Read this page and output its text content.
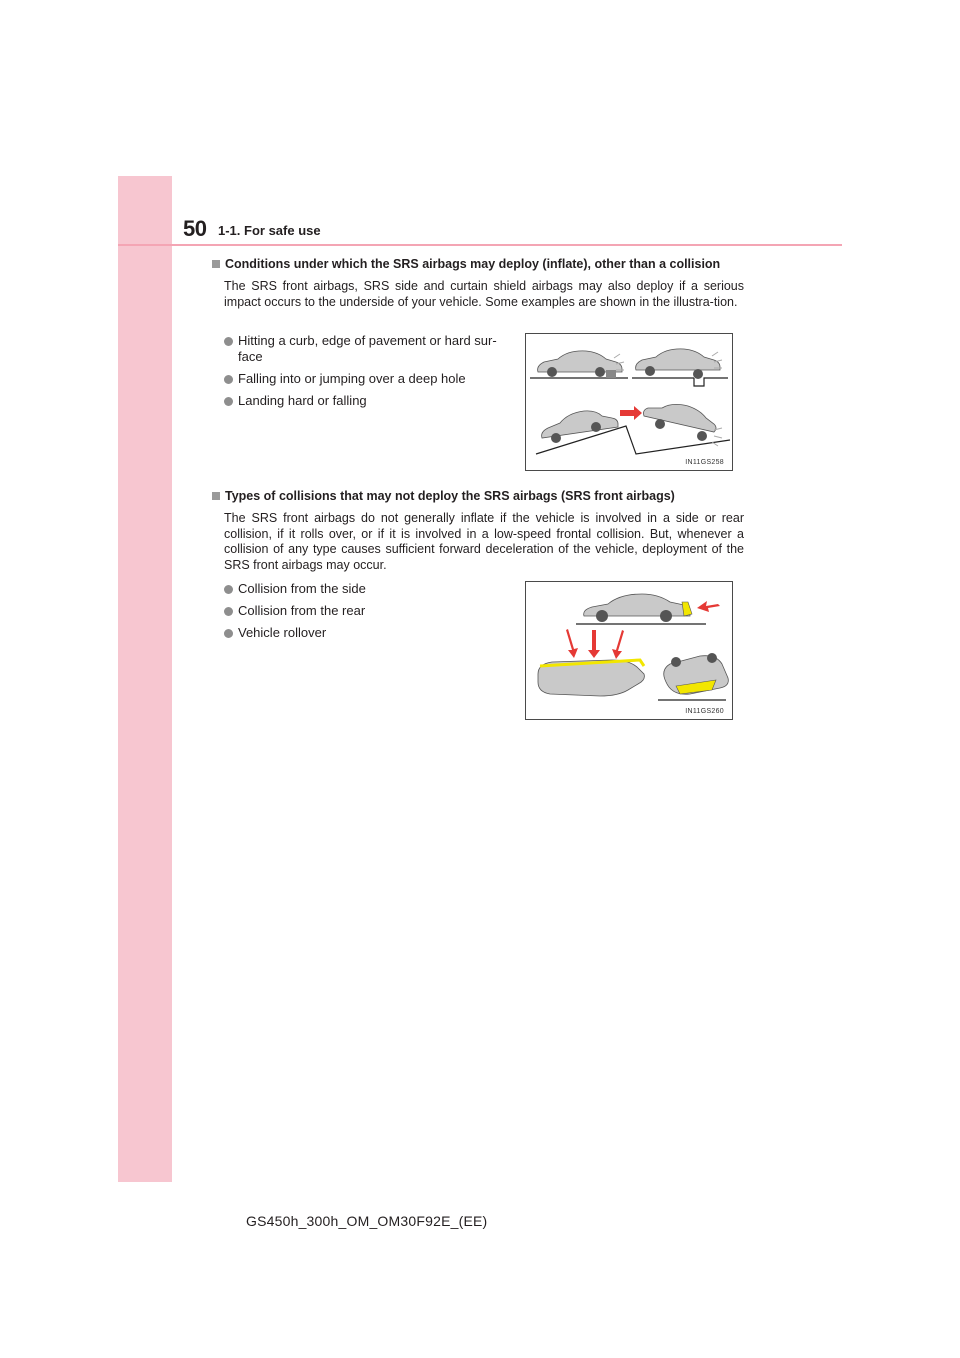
50 1-1. For safe use
Conditions under which the SRS airbags may deploy (inflate), other than a collision
The SRS front airbags, SRS side and curtain shield airbags may also deploy if a serious impact occurs to the underside of your vehicle. Some examples are shown in the illustra-tion.
Hitting a curb, edge of pavement or hard sur-face
Falling into or jumping over a deep hole
Landing hard or falling
IN11GS258
Types of collisions that may not deploy the SRS airbags (SRS front airbags)
The SRS front airbags do not generally inflate if the vehicle is involved in a side or rear collision, if it rolls over, or if it is involved in a low-speed frontal collision. But, whenever a collision of any type causes sufficient forward deceleration of the vehicle, deployment of the SRS front airbags may occur.
Collision from the side
Collision from the rear
Vehicle rollover
IN11GS260
GS450h_300h_OM_OM30F92E_(EE)
